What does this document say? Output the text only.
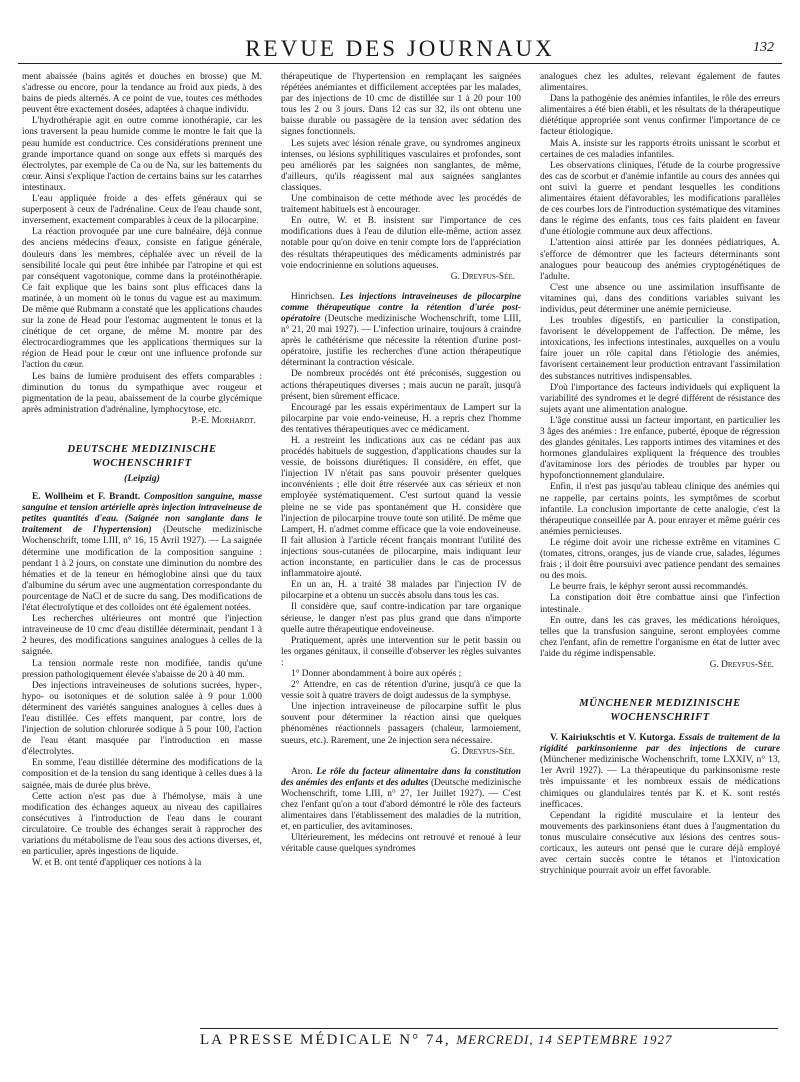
REVUE DES JOURNAUX	132

ment abaissée (bains agités et douches en brosse) que M. s'adresse ou encore, pour la tendance au froid aux pieds, à des bains de pieds alternés. A ce point de vue, toutes ces méthodes peuvent être exactement dosées, adaptées à chaque individu.

L'hydrothérapie agit en outre comme ionothérapie, car les ions traversent la peau humide comme le montre le fait que la peau humide est conductrice. Ces considérations prennent une grande importance quand on songe aux effets si marqués des électrolytes, par exemple de Ca ou de Na, sur les battements du cœur. Ainsi s'explique l'action de certains bains sur les catarrhes intestinaux.

L'eau appliquée froide a des effets généraux qui se superposent à ceux de l'adrénaline. Ceux de l'eau chaude sont, inversement, exactement comparables à ceux de la pilocarpine.

La réaction provoquée par une cure balnéaire, déjà connue des anciens médecins d'eaux, consiste en fatigue générale, douleurs dans les membres, céphalée avec un réveil de la sensibilité locale qui peut être inhibée par l'atropine et qui est par conséquent vagotonique, comme dans la protéinothérapie. Ce fait explique que les bains sont plus efficaces dans la matinée, à un moment où le tonus du vague est au maximum. De même que Rubmann a constaté que les applications chaudes sur la zone de Head pour l'estomac augmentent le tonus et la cinétique de cet organe, de même M. montre par des électrocardiogrammes que les applications thermiques sur la région de Head pour le cœur ont une influence profonde sur l'action du cœur.

Les bains de lumière produisent des effets comparables : diminution du tonus du sympathique avec rougeur et pigmentation de la peau, abaissement de la courbe glycémique après administration d'adrénaline, lymphocytose, etc.

P.-E. Morhardt.

DEUTSCHE MEDIZINISCHE WOCHENSCHRIFT

(Leipzig)

E. Wollheim et F. Brandt. Composition sanguine, masse sanguine et tension artérielle après injection intraveineuse de petites quantités d'eau. (Saignée non sanglante dans le traitement de l'hypertension) (Deutsche medizinische Wochenschrift, tome LIII, n° 16, 15 Avril 1927). — La saignée détermine une modification de la composition sanguine : pendant 1 à 2 jours, on constate une diminution du nombre des hématies et de la teneur en hémoglobine ainsi que du taux d'albumine du sérum avec une augmentation correspondante du pourcentage de NaCl et de sucre du sang. Des modifications de l'état électrolytique et des colloïdes ont été également notées.

Les recherches ultérieures ont montré que l'injection intraveineuse de 10 cmc d'eau distillée déterminait, pendant 1 à 2 heures, des modifications sanguines analogues à celles de la saignée.

La tension normale reste non modifiée, tandis qu'une pression pathologiquement élevée s'abaisse de 20 à 40 mm.

Des injections intraveineuses de solutions sucrées, hyper-, hypo- ou isotoniques et de solution salée à 9 pour 1.000 déterminent des variétés sanguines analogues à celles dues à l'eau distillée. Ces effets manquent, par contre, lors de l'injection de solution chlorurée sodique à 5 pour 100, l'action de l'eau étant masquée par l'introduction en masse d'électrolytes.

En somme, l'eau distillée détermine des modifications de la composition et de la tension du sang identique à celles dues à la saignée, mais de durée plus brève.

Cette action n'est pas due à l'hémolyse, mais à une modification des échanges aqueux au niveau des capillaires consécutives à l'introduction de l'eau dans le courant circulatoire. Ce trouble des échanges serait à rapprocher des variations du métabolisme de l'eau sous des actions diverses, et, en particulier, après ingestions de liquide.

W. et B. ont tenté d'appliquer ces notions à la

thérapeutique de l'hypertension en remplaçant les saignées répétées anémiantes et difficilement acceptées par les malades, par des injections de 10 cmc de distillée sur 1 à 20 pour 100 tous les 2 ou 3 jours. Dans 12 cas sur 32, ils ont obtenu une baisse durable ou passagère de la tension avec sédation des signes fonctionnels.

Les sujets avec lésion rénale grave, ou syndromes angineux intenses, ou lésions syphilitiques vasculaires et profondes, sont peu améliorés par les saignées non sanglantes, de même, d'ailleurs, qu'ils réagissent mal aux saignées sanglantes classiques.

Une combinaison de cette méthode avec les procédés de traitement habituels est à encourager.

En outre, W. et B. insistent sur l'importance de ces modifications dues à l'eau de dilution elle-même, action assez notable pour qu'on doive en tenir compte lors de l'appréciation des résultats thérapeutiques des médicaments administrés par voie endocrinienne en solutions aqueuses.

G. Dreyfus-Sée.

Hinrichsen. Les injections intraveineuses de pilocarpine comme thérapeutique contre la rétention d'urée post-opératoire (Deutsche medizinische Wochenschrift, tome LIII, n° 21, 20 mai 1927). — L'infection urinaire, toujours à craindre après le cathétérisme que nécessite la rétention d'urine post-opératoire, justifie les recherches d'une action thérapeutique déterminant la contraction vésicale.

De nombreux procédés ont été préconisés, suggestion ou actions thérapeutiques diverses ; mais aucun ne paraît, jusqu'à présent, bien sûrement efficace.

Encouragé par les essais expérimentaux de Lampert sur la pilocarpine par voie endo-veineuse, H. a repris chez l'homme des tentatives thérapeutiques avec ce médicament.

H. a restreint les indications aux cas ne cédant pas aux procédés habituels de suggestion, d'applications chaudes sur la vessie, de boissons diurétiques. Il considère, en effet, que l'injection IV n'était pas sans pouvoir présenter quelques inconvénients ; elle doit être réservée aux cas sérieux et non employée systématiquement. C'est surtout quand la vessie pleine ne se vide pas spontanément que H. considère que l'injection de pilocarpine trouve toute son utilité. De même que Lampert, H. n'admet comme efficace que la voie endoveineuse. Il fait allusion à l'article récent français montrant l'utilité des injections sous-cutanées de pilocarpine, mais indiquant leur action inconstante, en particulier dans le cas de processus inflammatoire ajouté.

En un an, H. a traité 38 malades par l'injection IV de pilocarpine et a obtenu un succès absolu dans tous les cas.

Il considère que, sauf contre-indication par tare organique sérieuse, le danger n'est pas plus grand que dans n'importe quelle autre thérapeutique endoveineuse.

Pratiquement, après une intervention sur le petit bassin ou les organes génitaux, il conseille d'observer les règles suivantes :

1° Donner abondamment à boire aux opérés ;

2° Attendre, en cas de rétention d'urine, jusqu'à ce que la vessie soit à quatre travers de doigt audessus de la symphyse.

Une injection intraveineuse de pilocarpine suffit le plus souvent pour déterminer la réaction ainsi que quelques phénomènes réactionnels passagers (chaleur, larmoiement, sueurs, etc.). Rarement, une 2e injection sera nécessaire.

G. Dreyfus-Sée.

Aron. Le rôle du facteur alimentaire dans la constitution des anémies des enfants et des adultes (Deutsche medizinische Wochenschrift, tome LIII, n° 27, 1er Juillet 1927). — C'est chez l'enfant qu'on a tout d'abord démontré le rôle des facteurs alimentaires dans l'établissement des maladies de la nutrition, et, en particulier, des avitaminoses.

Ultérieurement, les médecins ont retrouvé et renoué à leur véritable cause quelques syndromes

analogues chez les adultes, relevant également de fautes alimentaires.

Dans la pathogénie des anémies infantiles, le rôle des erreurs alimentaires a été bien établi, et les résultats de la thérapeutique diététique appropriée sont venus confirmer l'importance de ce facteur étiologique.

Mais A. insiste sur les rapports étroits unissant le scorbut et certaines de ces maladies infantiles.

Les observations cliniques, l'étude de la courbe progressive des cas de scorbut et d'anémie infantile au cours des années qui ont suivi la guerre et pendant lesquelles les conditions alimentaires étaient défavorables, les modifications parallèles de ces courbes lors de l'introduction systématique des vitamines dans le régime des enfants, tous ces faits plaident en faveur d'une étiologie commune aux deux affections.

L'attention ainsi attirée par les données pédiatriques, A. s'efforce de démontrer que les facteurs déterminants sont analogues pour beaucoup des anémies cryptogénétiques de l'adulte.

C'est une absence ou une assimilation insuffisante de vitamines qui, dans des conditions variables suivant les individus, peut déterminer une anémie pernicieuse.

Les troubles digestifs, en particulier la constipation, favorisent le développement de l'affection. De même, les intoxications, les infections intestinales, auxquelles on a voulu faire jouer un rôle capital dans l'étiologie des anémies, favorisent certainement leur production entravant l'assimilation des substances nutritives indispensables.

D'où l'importance des facteurs individuels qui expliquent la variabilité des syndromes et le degré différent de résistance des sujets ayant une alimentation analogue.

L'âge constitue aussi un facteur important, en particulier les 3 âges des anémies : 1re enfance, puberté, époque de régression des glandes génitales. Les rapports intimes des vitamines et des hormones glandulaires expliquent la fréquence des troubles d'avitaminose lors des périodes de troubles par hyper ou hypofonctionnement glandulaire.

Enfin, il n'est pas jusqu'au tableau clinique des anémies qui ne rappelle, par certains points, les symptômes de scorbut infantile. La conclusion importante de cette analogie, c'est la thérapeutique conseillée par A. pour enrayer et même guérir ces anémies pernicieuses.

Le régime doit avoir une richesse extrême en vitamines C (tomates, citrons, oranges, jus de viande crue, salades, légumes frais ; il doit être poursuivi avec patience pendant des semaines ou des mois.

Le beurre frais, le képhyr seront aussi recommandés.

La constipation doit être combattue ainsi que l'infection intestinale.

En outre, dans les cas graves, les médications héroïques, telles que la transfusion sanguine, seront employées comme chez l'enfant, afin de remettre l'organisme en état de lutter avec l'aide du régime indispensable.

G. Dreyfus-Sée.

MÜNCHENER MEDIZINISCHE WOCHENSCHRIFT

V. Kairiukschtis et V. Kutorga. Essais de traitement de la rigidité parkinsonienne par des injections de curare (Münchener medizinische Wochenschrift, tome LXXIV, n° 13, 1er Avril 1927). — La thérapeutique du parkinsonisme reste très impuissante et les nombreux essais de médications chimiques ou glandulaires tentés par K. et K. sont restés inefficaces.

Cependant la rigidité musculaire et la lenteur des mouvements des parkinsoniens étant dues à l'augmentation du tonus musculaire consécutive aux lésions des centres sous-corticaux, les auteurs ont pensé que le curare déjà employé avec certain succès contre le tétanos et l'intoxication strychinique pourrait avoir un effet favorable.

LA PRESSE MÉDICALE N° 74, MERCREDI, 14 SEPTEMBRE 1927
